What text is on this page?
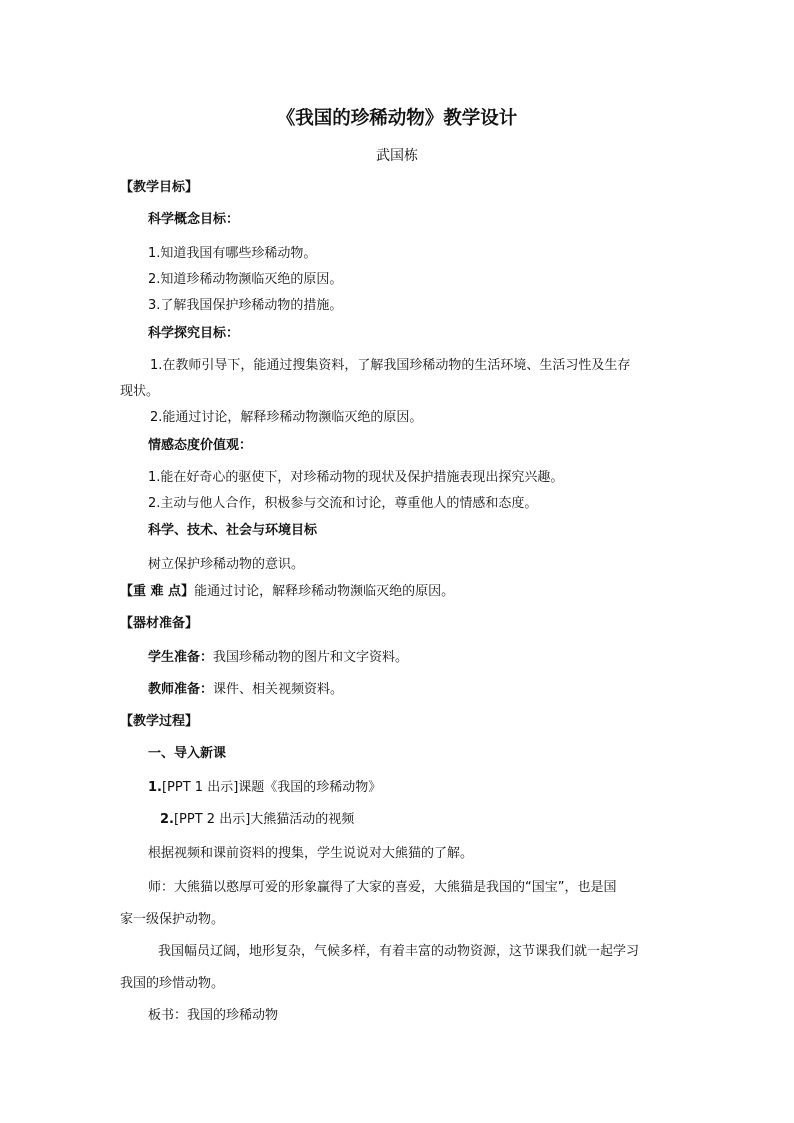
《我国的珍稀动物》教学设计
武国栋
【教学目标】
科学概念目标：
1.知道我国有哪些珍稀动物。
2.知道珍稀动物濒临灭绝的原因。
3.了解我国保护珍稀动物的措施。
科学探究目标：
1.在教师引导下，能通过搜集资料，了解我国珍稀动物的生活环境、生活习性及生存
现状。
2.能通过讨论，解释珍稀动物濒临灭绝的原因。
情感态度价值观：
1.能在好奇心的驱使下，对珍稀动物的现状及保护措施表现出探究兴趣。
2.主动与他人合作，积极参与交流和讨论，尊重他人的情感和态度。
科学、技术、社会与环境目标
树立保护珍稀动物的意识。
【重 难 点】能通过讨论，解释珍稀动物濒临灭绝的原因。
【器材准备】
学生准备：我国珍稀动物的图片和文字资料。
教师准备：课件、相关视频资料。
【教学过程】
一、导入新课
1.[PPT 1 出示]课题《我国的珍稀动物》
2.[PPT 2 出示]大熊猫活动的视频
根据视频和课前资料的搜集，学生说说对大熊猫的了解。
师：大熊猫以憨厚可爱的形象赢得了大家的喜爱，大熊猫是我国的“国宝”，也是国
家一级保护动物。
我国幅员辽阔，地形复杂，气候多样，有着丰富的动物资源，这节课我们就一起学习
我国的珍惜动物。
板书：我国的珍稀动物
